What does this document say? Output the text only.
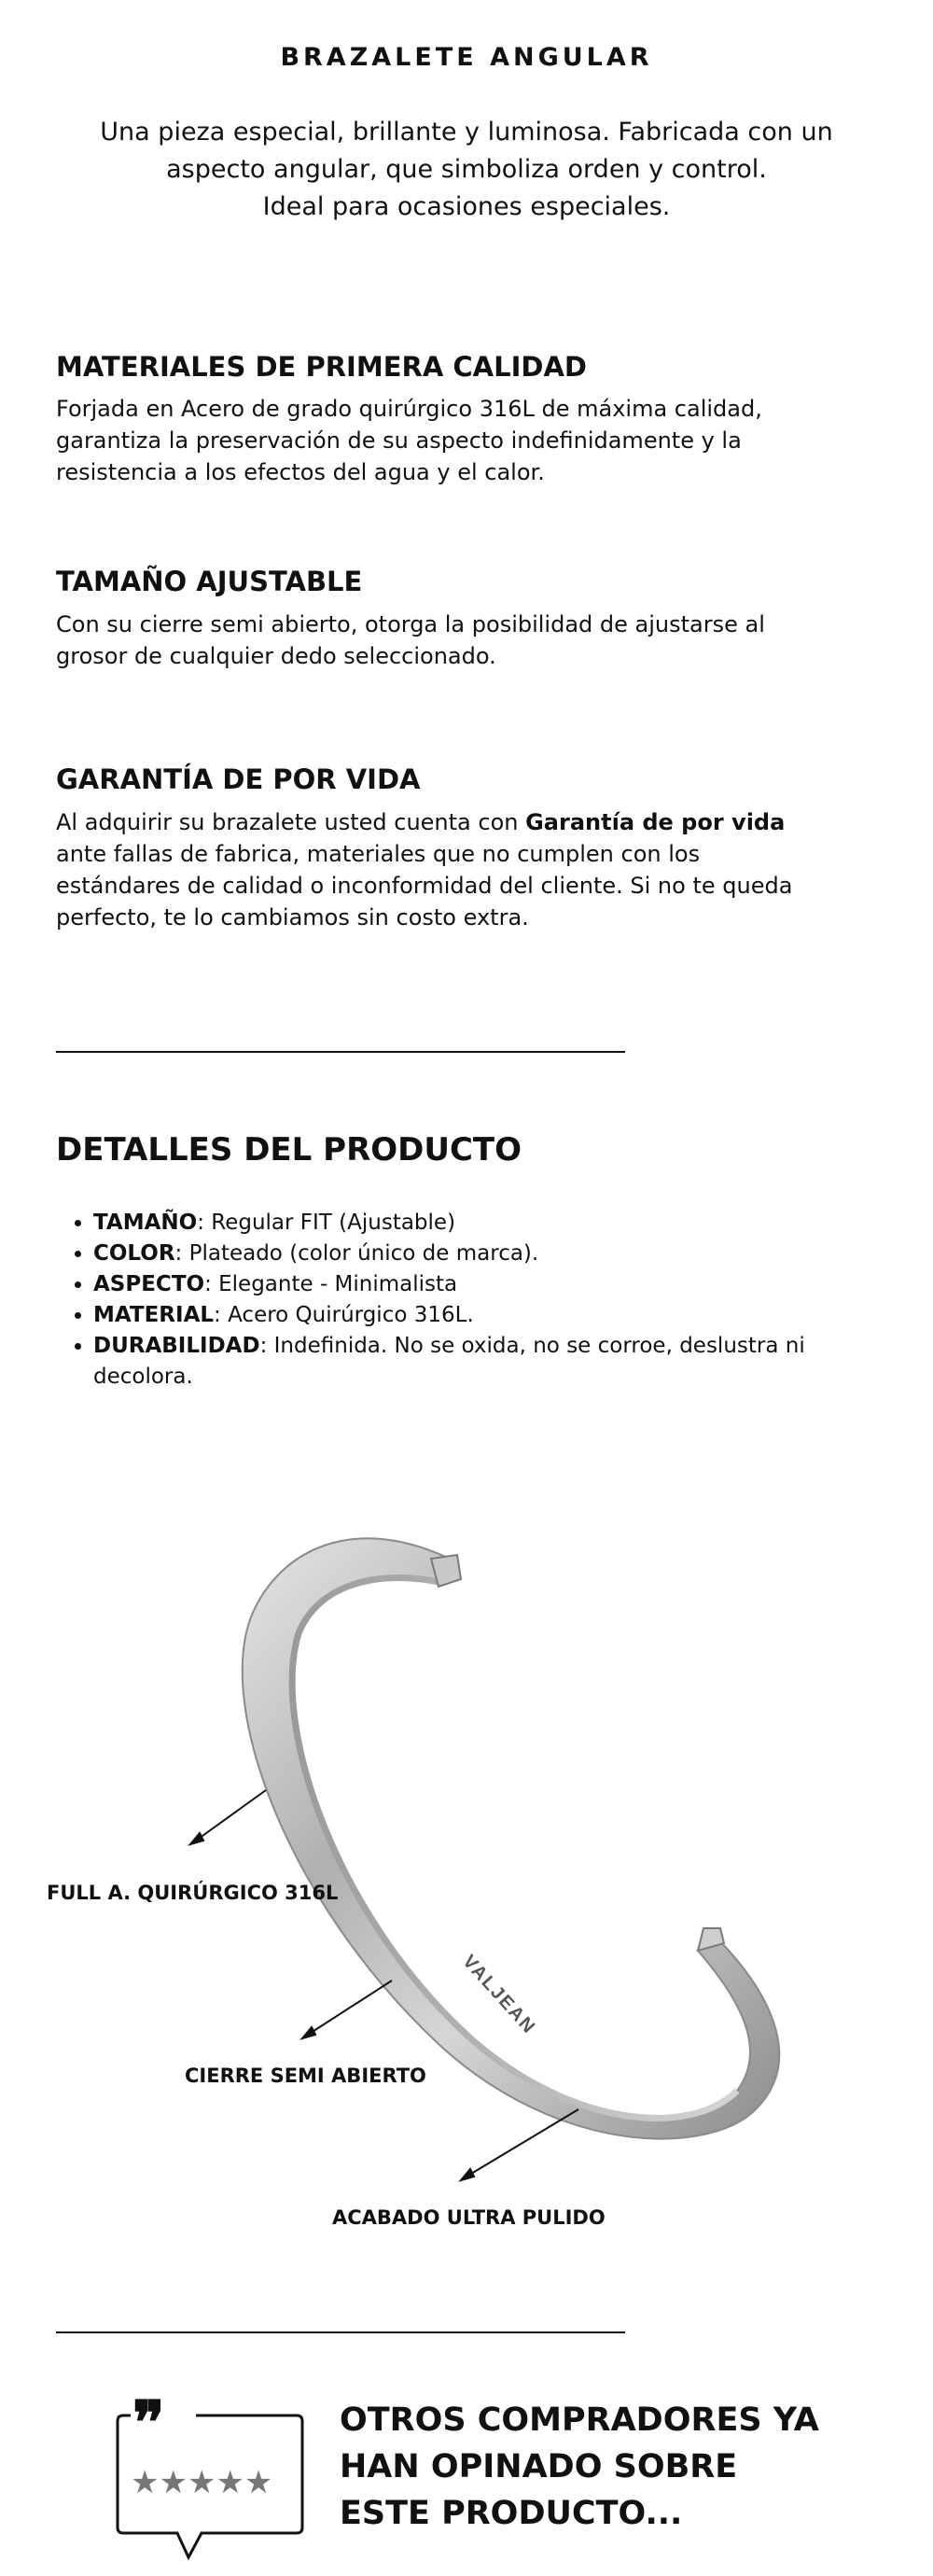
BRAZALETE ANGULAR

Una pieza especial, brillante y luminosa. Fabricada con un
aspecto angular, que simboliza orden y control.
Ideal para ocasiones especiales.

MATERIALES DE PRIMERA CALIDAD

Forjada en Acero de grado quirúrgico 316L de máxima calidad, garantiza la preservación de su aspecto indefinidamente y la resistencia a los efectos del agua y el calor.

TAMAÑO AJUSTABLE

Con su cierre semi abierto, otorga la posibilidad de ajustarse al grosor de cualquier dedo seleccionado.

GARANTÍA DE POR VIDA

Al adquirir su brazalete usted cuenta con Garantía de por vida ante fallas de fabrica, materiales que no cumplen con los estándares de calidad o inconformidad del cliente. Si no te queda perfecto, te lo cambiamos sin costo extra.

DETALLES DEL PRODUCTO
• TAMAÑO: Regular FIT (Ajustable)
• COLOR: Plateado (color único de marca).
• ASPECTO: Elegante - Minimalista
• MATERIAL: Acero Quirúrgico 316L.
• DURABILIDAD: Indefinida. No se oxida, no se corroe, deslustra ni decolora.
VALJEAN

FULL A. QUIRÚRGICO 316L

CIERRE SEMI ABIERTO

ACABADO ULTRA PULIDO

❞
★★★★★
OTROS COMPRADORES YA
HAN OPINADO SOBRE
ESTE PRODUCTO...
